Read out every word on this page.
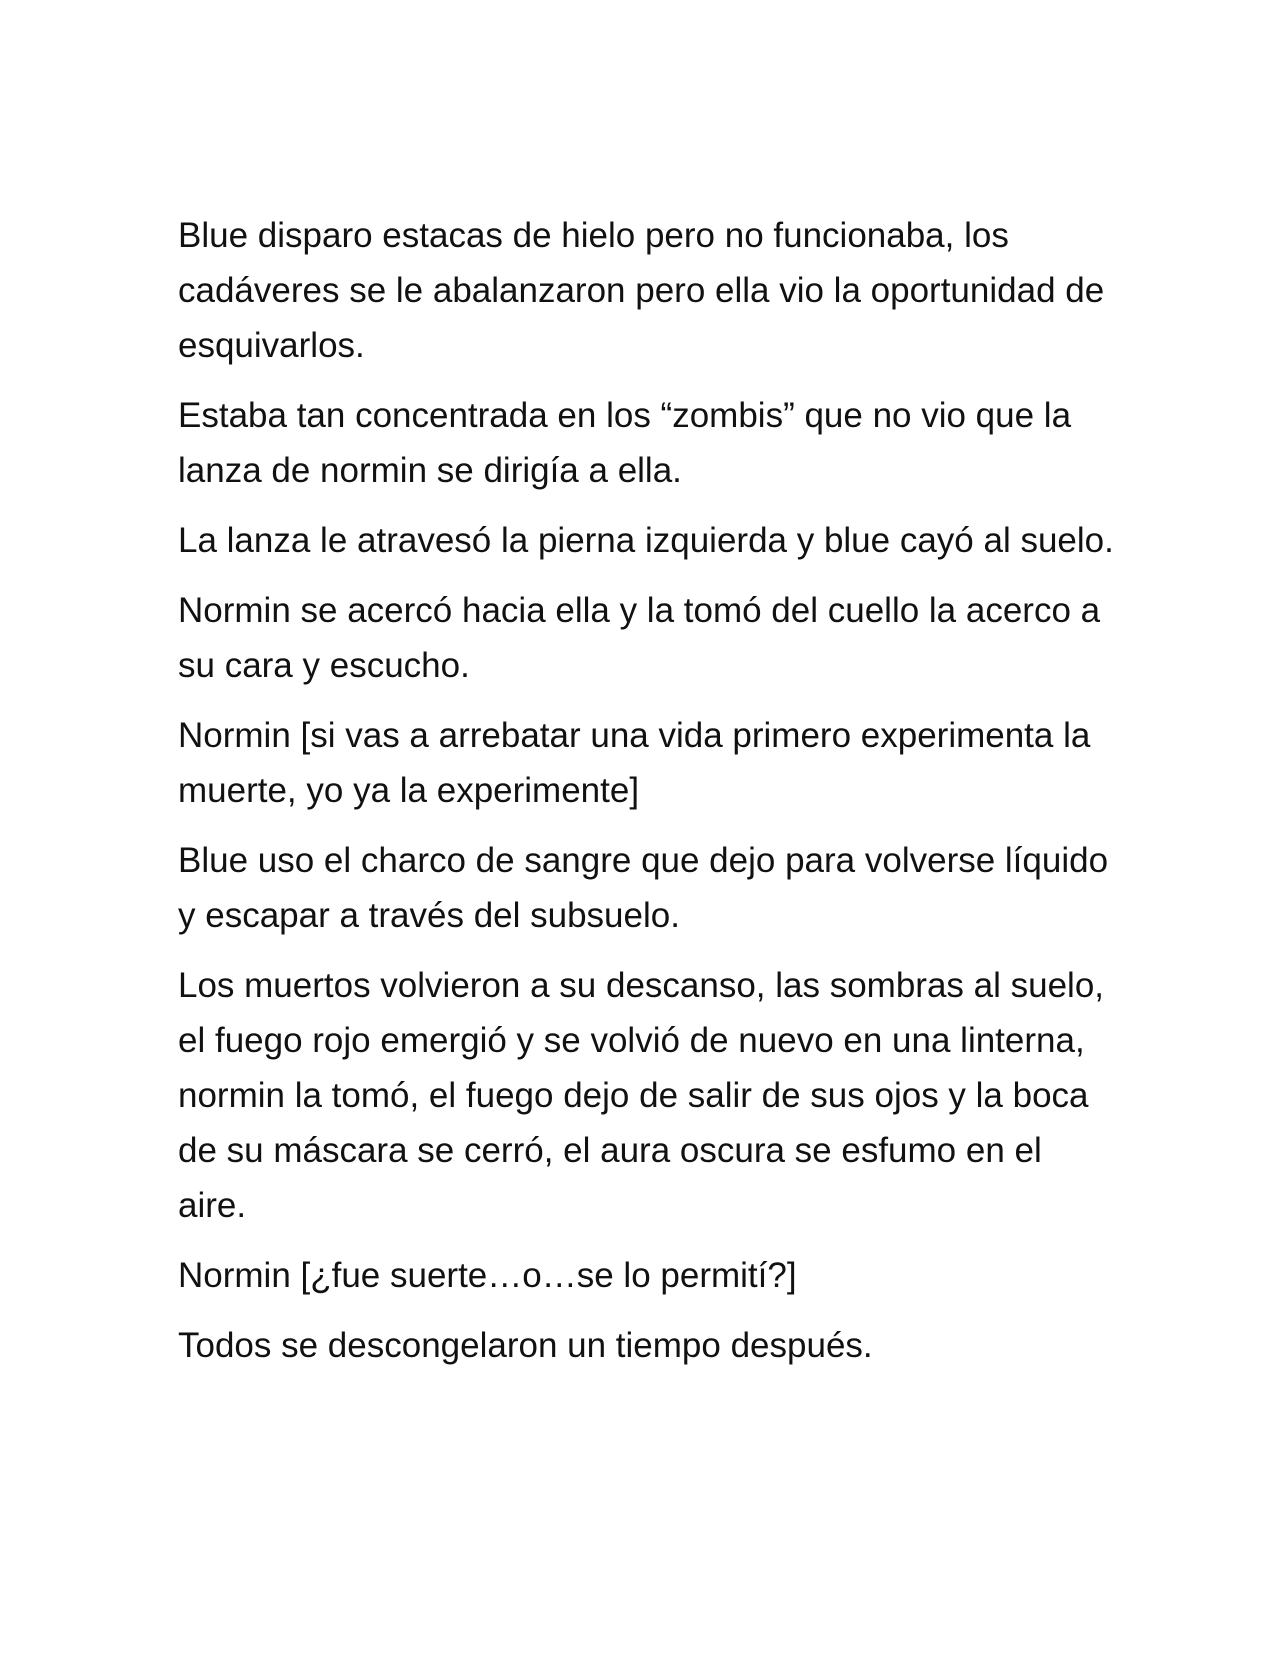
Blue disparo estacas de hielo pero no funcionaba, los cadáveres se le abalanzaron pero ella vio la oportunidad de esquivarlos.

Estaba tan concentrada en los “zombis” que no vio que la lanza de normin se dirigía a ella.

La lanza le atravesó la pierna izquierda y blue cayó al suelo.

Normin se acercó hacia ella y la tomó del cuello la acerco a su cara y escucho.

Normin [si vas a arrebatar una vida primero experimenta la muerte, yo ya la experimente]

Blue uso el charco de sangre que dejo para volverse líquido y escapar a través del subsuelo.

Los muertos volvieron a su descanso, las sombras al suelo, el fuego rojo emergió y se volvió de nuevo en una linterna, normin la tomó, el fuego dejo de salir de sus ojos y la boca de su máscara se cerró, el aura oscura se esfumo en el aire.

Normin [¿fue suerte…o…se lo permití?]

Todos se descongelaron un tiempo después.
